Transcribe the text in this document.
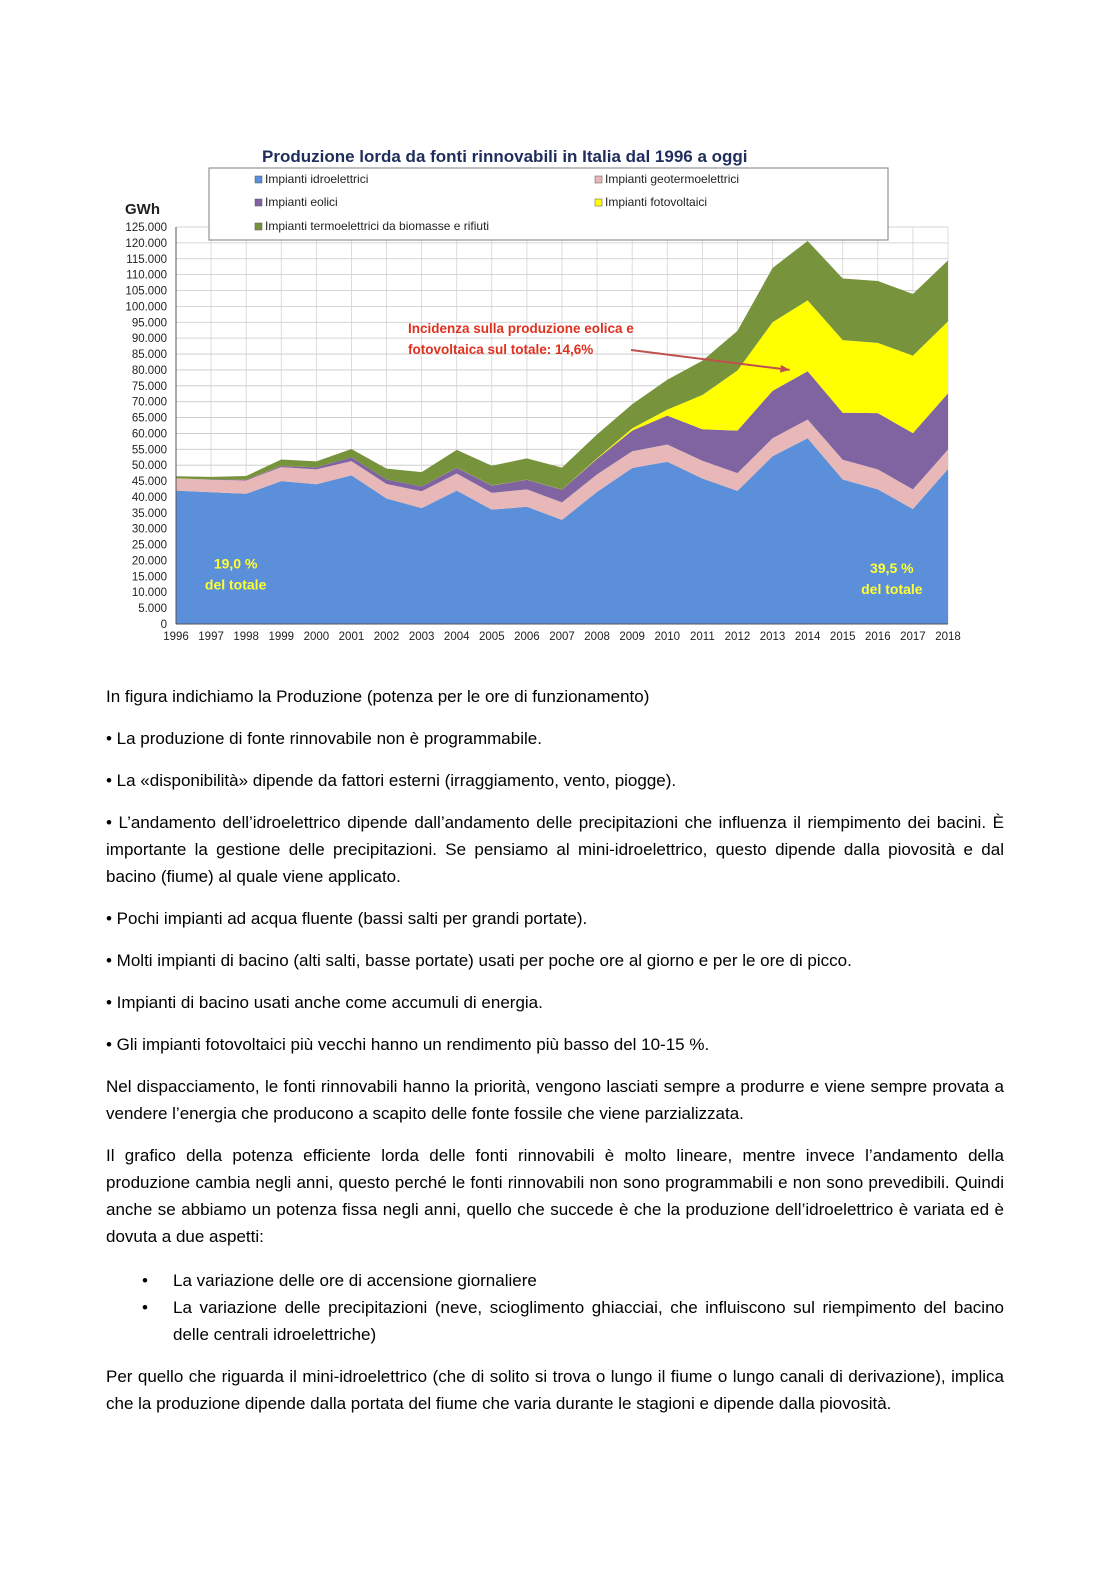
Produzione lorda da fonti rinnovabili in Italia dal 1996 a oggi
0
5.000
10.000
15.000
20.000
25.000
30.000
35.000
40.000
45.000
50.000
55.000
60.000
65.000
70.000
75.000
80.000
85.000
90.000
95.000
100.000
105.000
110.000
115.000
120.000
125.000
1996 1997 1998 1999 2000 2001 2002 2003 2004 2005 2006 2007 2008 2009 2010 2011 2012 2013 2014 2015 2016 2017 2018
GWh
Impianti idroelettrici	Impianti geotermoelettrici
Impianti eolici	Impianti fotovoltaici
Impianti termoelettrici da biomasse e rifiuti
Incidenza sulla produzione eolica e
fotovoltaica sul totale: 14,6%
19,0 %
del totale
39,5 %
del totale

In figura indichiamo la Produzione (potenza per le ore di funzionamento)

• La produzione di fonte rinnovabile non è programmabile.

• La «disponibilità» dipende da fattori esterni (irraggiamento, vento, piogge).

• L’andamento dell’idroelettrico dipende dall’andamento delle precipitazioni che influenza il riempimento dei bacini. È importante la gestione delle precipitazioni. Se pensiamo al mini-idroelettrico, questo dipende dalla piovosità e dal bacino (fiume) al quale viene applicato.

• Pochi impianti ad acqua fluente (bassi salti per grandi portate).

• Molti impianti di bacino (alti salti, basse portate) usati per poche ore al giorno e per le ore di picco.

• Impianti di bacino usati anche come accumuli di energia.

• Gli impianti fotovoltaici più vecchi hanno un rendimento più basso del 10-15 %.

Nel dispacciamento, le fonti rinnovabili hanno la priorità, vengono lasciati sempre a produrre e viene sempre provata a vendere l’energia che producono a scapito delle fonte fossile che viene parzializzata.

Il grafico della potenza efficiente lorda delle fonti rinnovabili è molto lineare, mentre invece l’andamento della produzione cambia negli anni, questo perché le fonti rinnovabili non sono programmabili e non sono prevedibili. Quindi anche se abbiamo un potenza fissa negli anni, quello che succede è che la produzione dell’idroelettrico è variata ed è dovuta a due aspetti:

• La variazione delle ore di accensione giornaliere
• La variazione delle precipitazioni (neve, scioglimento ghiacciai, che influiscono sul riempimento del bacino delle centrali idroelettriche)

Per quello che riguarda il mini-idroelettrico (che di solito si trova o lungo il fiume o lungo canali di derivazione), implica che la produzione dipende dalla portata del fiume che varia durante le stagioni e dipende dalla piovosità.
